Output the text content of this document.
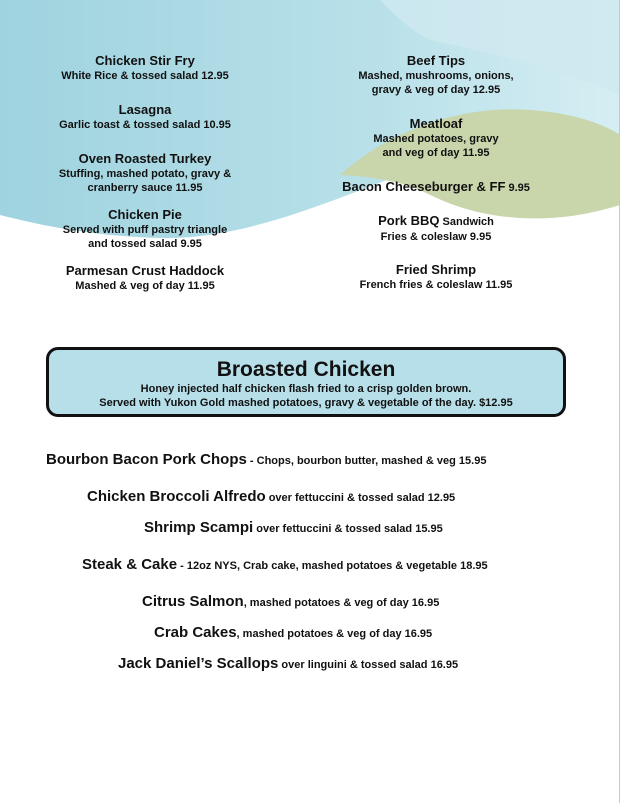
Chicken Stir Fry
White Rice & tossed salad 12.95
Lasagna
Garlic toast & tossed salad 10.95
Oven Roasted Turkey
Stuffing, mashed potato, gravy &
cranberry sauce 11.95
Chicken Pie
Served with puff pastry triangle
and tossed salad 9.95
Parmesan Crust Haddock
Mashed & veg of day 11.95
Beef Tips
Mashed, mushrooms, onions,
gravy & veg of day 12.95
Meatloaf
Mashed potatoes, gravy
and veg of day 11.95
Bacon Cheeseburger & FF 9.95
Pork BBQ Sandwich
Fries & coleslaw 9.95
Fried Shrimp
French fries & coleslaw 11.95
Broasted Chicken
Honey injected half chicken flash fried to a crisp golden brown.
Served with Yukon Gold mashed potatoes, gravy & vegetable of the day. $12.95
Bourbon Bacon Pork Chops - Chops, bourbon butter, mashed & veg 15.95
Chicken Broccoli Alfredo over fettuccini & tossed salad 12.95
Shrimp Scampi over fettuccini & tossed salad 15.95
Steak & Cake - 12oz NYS, Crab cake, mashed potatoes & vegetable 18.95
Citrus Salmon, mashed potatoes & veg of day 16.95
Crab Cakes, mashed potatoes & veg of day 16.95
Jack Daniel’s Scallops over linguini & tossed salad 16.95
